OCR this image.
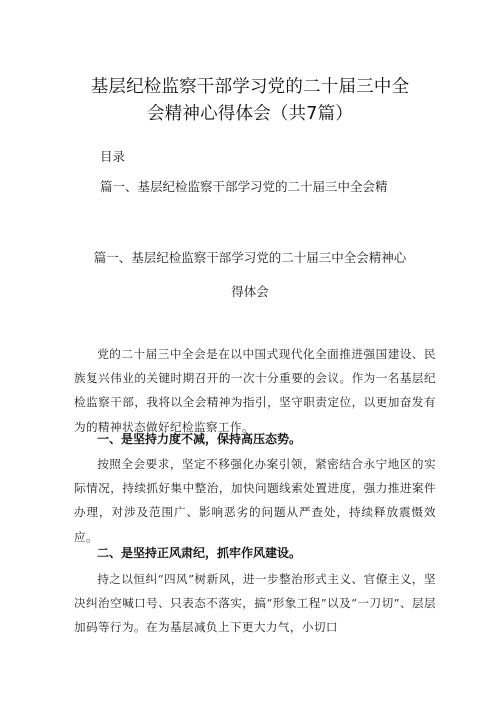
基层纪检监察干部学习党的二十届三中全
会精神心得体会（共7篇）
目录
篇一、基层纪检监察干部学习党的二十届三中全会精
篇一、基层纪检监察干部学习党的二十届三中全会精神心
得体会

党的二十届三中全会是在以中国式现代化全面推进强国建设、民族复兴伟业的关键时期召开的一次十分重要的会议。作为一名基层纪检监察干部，我将以全会精神为指引，坚守职责定位，以更加奋发有为的精神状态做好纪检监察工作。

一、是坚持力度不减，保持高压态势。

按照全会要求，坚定不移强化办案引领，紧密结合永宁地区的实际情况，持续抓好集中整治，加快问题线索处置进度，强力推进案件办理，对涉及范围广、影响恶劣的问题从严查处，持续释放震慑效应。

二、是坚持正风肃纪，抓牢作风建设。

持之以恒纠“四风”树新风，进一步整治形式主义、官僚主义，坚决纠治空喊口号、只表态不落实，搞“形象工程”以及“一刀切”、层层加码等行为。在为基层减负上下更大力气，小切口
